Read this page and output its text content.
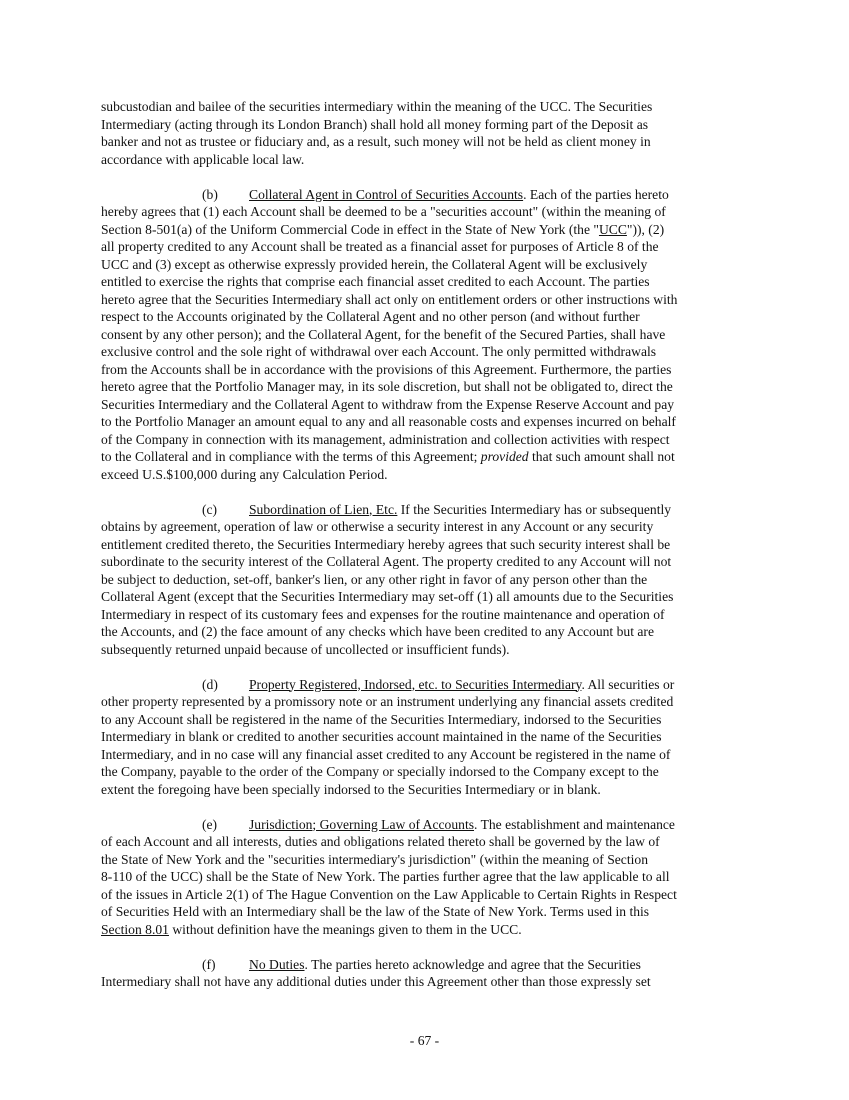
subcustodian and bailee of the securities intermediary within the meaning of the UCC. The Securities
Intermediary (acting through its London Branch) shall hold all money forming part of the Deposit as
banker and not as trustee or fiduciary and, as a result, such money will not be held as client money in
accordance with applicable local law.

(b) Collateral Agent in Control of Securities Accounts. Each of the parties hereto
hereby agrees that (1) each Account shall be deemed to be a "securities account" (within the meaning of
Section 8-501(a) of the Uniform Commercial Code in effect in the State of New York (the "UCC")), (2)
all property credited to any Account shall be treated as a financial asset for purposes of Article 8 of the
UCC and (3) except as otherwise expressly provided herein, the Collateral Agent will be exclusively
entitled to exercise the rights that comprise each financial asset credited to each Account. The parties
hereto agree that the Securities Intermediary shall act only on entitlement orders or other instructions with
respect to the Accounts originated by the Collateral Agent and no other person (and without further
consent by any other person); and the Collateral Agent, for the benefit of the Secured Parties, shall have
exclusive control and the sole right of withdrawal over each Account. The only permitted withdrawals
from the Accounts shall be in accordance with the provisions of this Agreement. Furthermore, the parties
hereto agree that the Portfolio Manager may, in its sole discretion, but shall not be obligated to, direct the
Securities Intermediary and the Collateral Agent to withdraw from the Expense Reserve Account and pay
to the Portfolio Manager an amount equal to any and all reasonable costs and expenses incurred on behalf
of the Company in connection with its management, administration and collection activities with respect
to the Collateral and in compliance with the terms of this Agreement; provided that such amount shall not
exceed U.S.$100,000 during any Calculation Period.

(c) Subordination of Lien, Etc. If the Securities Intermediary has or subsequently
obtains by agreement, operation of law or otherwise a security interest in any Account or any security
entitlement credited thereto, the Securities Intermediary hereby agrees that such security interest shall be
subordinate to the security interest of the Collateral Agent. The property credited to any Account will not
be subject to deduction, set-off, banker's lien, or any other right in favor of any person other than the
Collateral Agent (except that the Securities Intermediary may set-off (1) all amounts due to the Securities
Intermediary in respect of its customary fees and expenses for the routine maintenance and operation of
the Accounts, and (2) the face amount of any checks which have been credited to any Account but are
subsequently returned unpaid because of uncollected or insufficient funds).

(d) Property Registered, Indorsed, etc. to Securities Intermediary. All securities or
other property represented by a promissory note or an instrument underlying any financial assets credited
to any Account shall be registered in the name of the Securities Intermediary, indorsed to the Securities
Intermediary in blank or credited to another securities account maintained in the name of the Securities
Intermediary, and in no case will any financial asset credited to any Account be registered in the name of
the Company, payable to the order of the Company or specially indorsed to the Company except to the
extent the foregoing have been specially indorsed to the Securities Intermediary or in blank.

(e) Jurisdiction; Governing Law of Accounts. The establishment and maintenance
of each Account and all interests, duties and obligations related thereto shall be governed by the law of
the State of New York and the "securities intermediary's jurisdiction" (within the meaning of Section
8-110 of the UCC) shall be the State of New York. The parties further agree that the law applicable to all
of the issues in Article 2(1) of The Hague Convention on the Law Applicable to Certain Rights in Respect
of Securities Held with an Intermediary shall be the law of the State of New York. Terms used in this
Section 8.01 without definition have the meanings given to them in the UCC.

(f) No Duties. The parties hereto acknowledge and agree that the Securities
Intermediary shall not have any additional duties under this Agreement other than those expressly set

- 67 -
